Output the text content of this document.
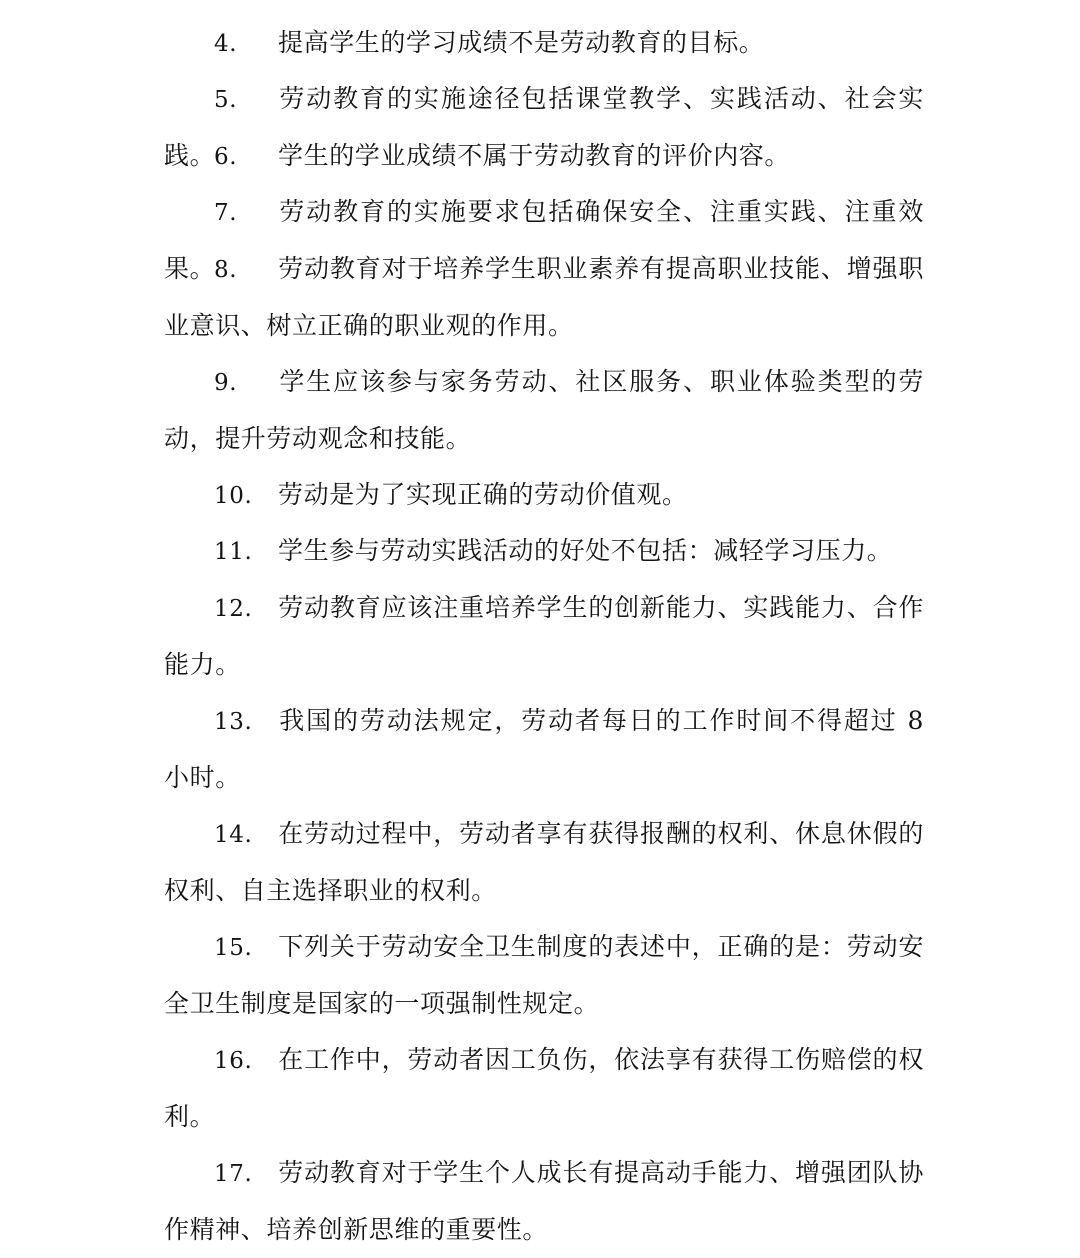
4. 提高学生的学习成绩不是劳动教育的目标。
5. 劳动教育的实施途径包括课堂教学、实践活动、社会实践。
6. 学生的学业成绩不属于劳动教育的评价内容。
7. 劳动教育的实施要求包括确保安全、注重实践、注重效果。
8. 劳动教育对于培养学生职业素养有提高职业技能、增强职业意识、树立正确的职业观的作用。
9. 学生应该参与家务劳动、社区服务、职业体验类型的劳动，提升劳动观念和技能。
10. 劳动是为了实现正确的劳动价值观。
11. 学生参与劳动实践活动的好处不包括：减轻学习压力。
12. 劳动教育应该注重培养学生的创新能力、实践能力、合作能力。
13. 我国的劳动法规定，劳动者每日的工作时间不得超过 8 小时。
14. 在劳动过程中，劳动者享有获得报酬的权利、休息休假的权利、自主选择职业的权利。
15. 下列关于劳动安全卫生制度的表述中，正确的是：劳动安全卫生制度是国家的一项强制性规定。
16. 在工作中，劳动者因工负伤，依法享有获得工伤赔偿的权利。
17. 劳动教育对于学生个人成长有提高动手能力、增强团队协作精神、培养创新思维的重要性。
